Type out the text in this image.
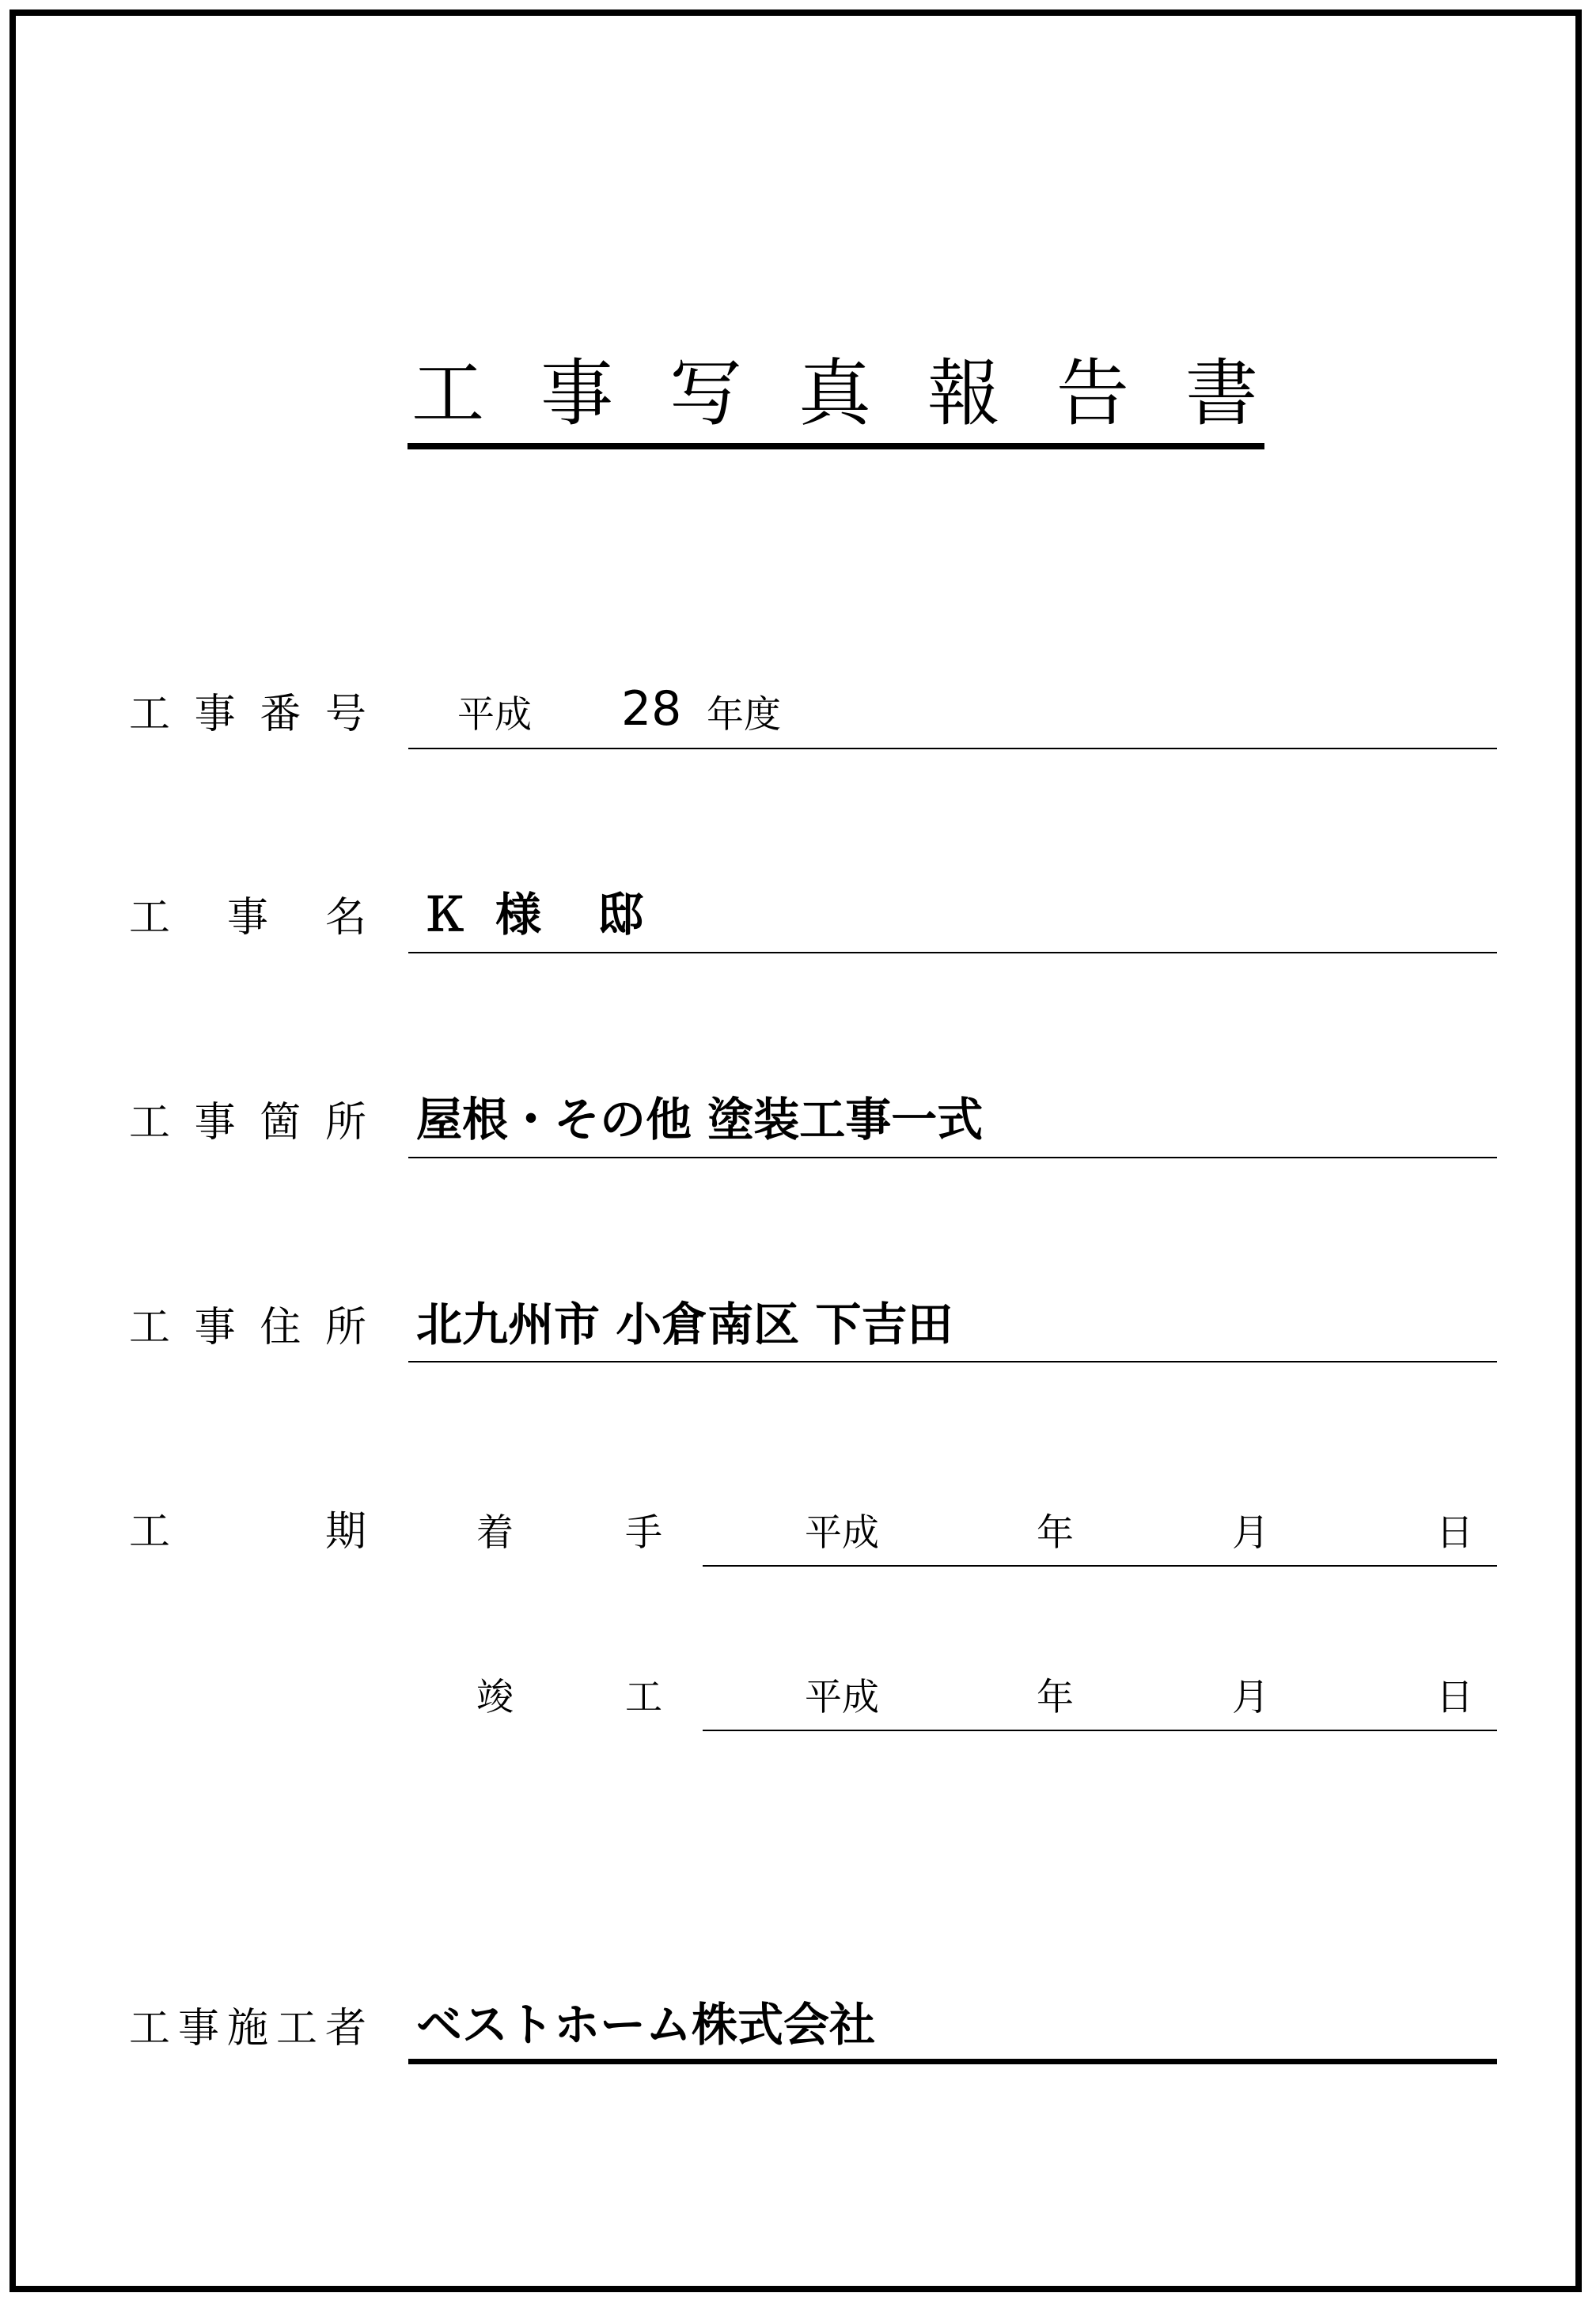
工 事 写 真 報 告 書
工 事 番 号 平成 28 年度
工 事 名 Ｋ 様 邸
工 事 箇 所 屋根・その他 塗装工事一式
工 事 住 所 北九州市 小倉南区 下吉田
工	期	着	手	平成	年	月	日
竣	工	平成	年	月	日
工 事 施 工 者 ベストホーム株式会社
